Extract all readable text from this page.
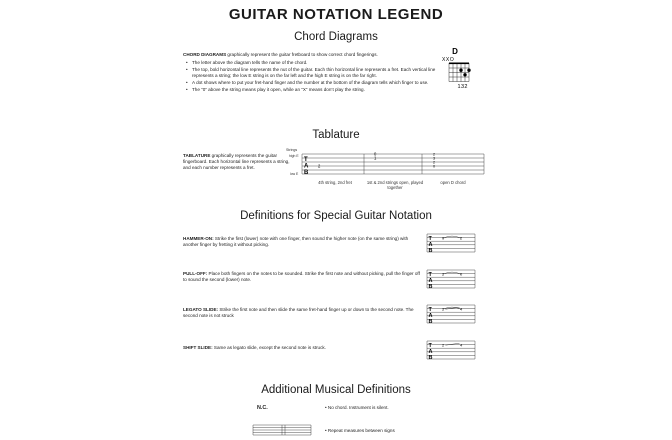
GUITAR NOTATION LEGEND
Chord Diagrams
CHORD DIAGRAMS graphically represent the guitar fretboard to show correct chord fingerings.
• The letter above the diagram tells the name of the chord.
• The top, bold horizontal line represents the nut of the guitar. Each thin horizontal line represents a fret. Each vertical line represents a string; the low E string is on the far left and the high E string is on the far right.
• A dot shows where to put your fret-hand finger and the number at the bottom of the diagram tells which finger to use.
• The “0” above the string means play it open, while an “X” means don’t play the string.
D
XXO
132
Tablature
TABLATURE graphically represents the guitar fingerboard. Each horizontal line represents a string, and each number represents a fret.
Strings
high E
low E
T
A
B
2
0
1
2
3
2
0
4th string, 2nd fret	1st & 2nd strings open, played together
open D chord
Definitions for Special Guitar Notation
HAMMER-ON: Strike the first (lower) note with one finger, then sound the higher note (on the same string) with another finger by fretting it without picking.
T
A
B
0	2
PULL-OFF: Place both fingers on the notes to be sounded. Strike the first note and without picking, pull the finger off to sound the second (lower) note.
T
A
B
2	0
LEGATO SLIDE: Strike the first note and then slide the same fret-hand finger up or down to the second note. The second note is not struck
T
A
B
2	4
SHIFT SLIDE: Same as legato slide, except the second note is struck.	T
A
B
2	4
Additional Musical Definitions
N.C.	• No chord. Instrument is silent.
• Repeat measures between signs
